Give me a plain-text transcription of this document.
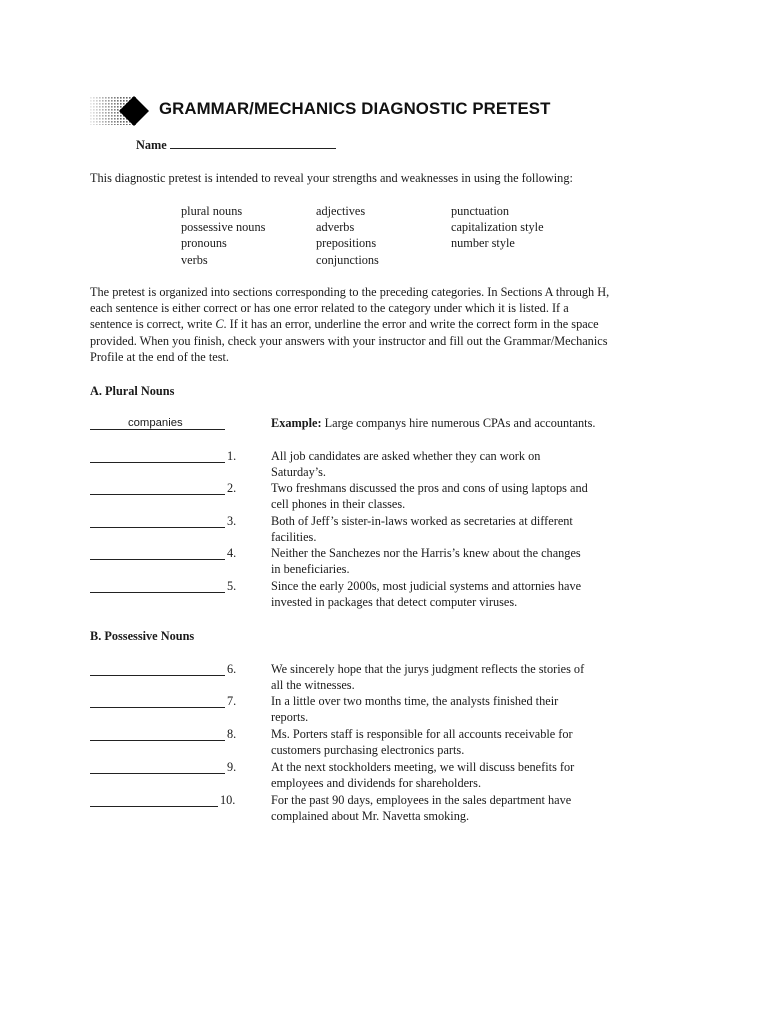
GRAMMAR/MECHANICS DIAGNOSTIC PRETEST
Name
This diagnostic pretest is intended to reveal your strengths and weaknesses in using the following:
plural nouns
possessive nouns
pronouns
verbs
adjectives
adverbs
prepositions
conjunctions
punctuation
capitalization style
number style
The pretest is organized into sections corresponding to the preceding categories. In Sections A through H,
each sentence is either correct or has one error related to the category under which it is listed. If a
sentence is correct, write C. If it has an error, underline the error and write the correct form in the space
provided. When you finish, check your answers with your instructor and fill out the Grammar/Mechanics
Profile at the end of the test.
A. Plural Nouns
companies	Example: Large companys hire numerous CPAs and accountants.
1.	All job candidates are asked whether they can work on
Saturday’s.
2.	Two freshmans discussed the pros and cons of using laptops and
cell phones in their classes.
3.	Both of Jeff’s sister-in-laws worked as secretaries at different
facilities.
4.	Neither the Sanchezes nor the Harris’s knew about the changes
in beneficiaries.
5.	Since the early 2000s, most judicial systems and attornies have
invested in packages that detect computer viruses.
B. Possessive Nouns
6.	We sincerely hope that the jurys judgment reflects the stories of
all the witnesses.
7.	In a little over two months time, the analysts finished their
reports.
8.	Ms. Porters staff is responsible for all accounts receivable for
customers purchasing electronics parts.
9.	At the next stockholders meeting, we will discuss benefits for
employees and dividends for shareholders.
10.	For the past 90 days, employees in the sales department have
complained about Mr. Navetta smoking.
